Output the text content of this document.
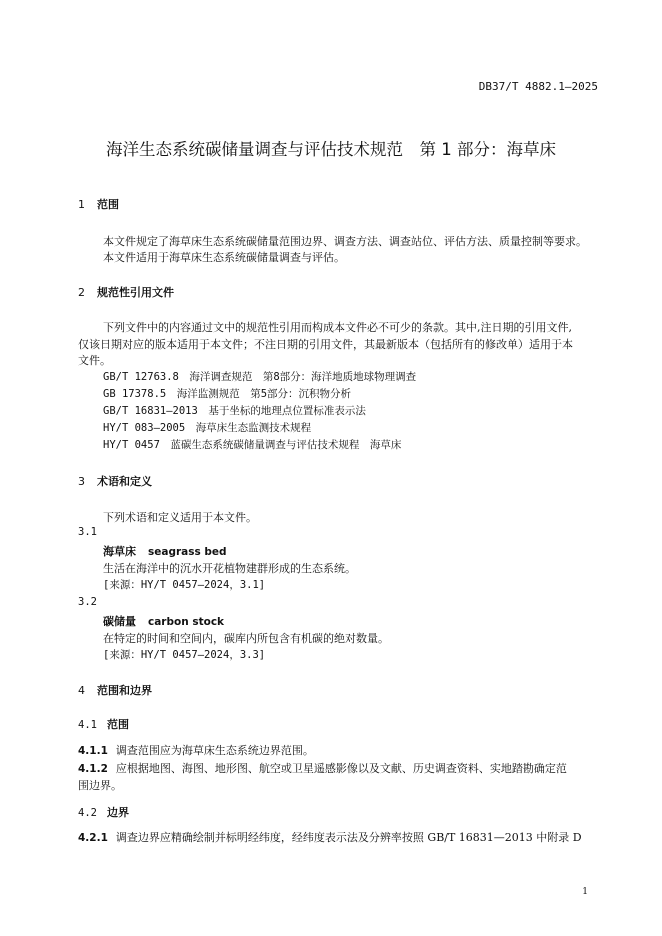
DB37/T 4882.1—2025
海洋生态系统碳储量调查与评估技术规范　第 1 部分：海草床
1 范围
本文件规定了海草床生态系统碳储量范围边界、调查方法、调查站位、评估方法、质量控制等要求。
本文件适用于海草床生态系统碳储量调查与评估。
2 规范性引用文件
下列文件中的内容通过文中的规范性引用而构成本文件必不可少的条款。其中,注日期的引用文件,
仅该日期对应的版本适用于本文件；不注日期的引用文件，其最新版本（包括所有的修改单）适用于本
文件。
GB/T 12763.8　海洋调查规范　第8部分：海洋地质地球物理调查
GB 17378.5　海洋监测规范　第5部分：沉积物分析
GB/T 16831—2013　基于坐标的地理点位置标准表示法
HY/T 083—2005　海草床生态监测技术规程
HY/T 0457　蓝碳生态系统碳储量调查与评估技术规程　海草床
3 术语和定义
下列术语和定义适用于本文件。
3.1
海草床 seagrass bed
生活在海洋中的沉水开花植物建群形成的生态系统。
[来源：HY/T 0457—2024，3.1]
3.2
碳储量 carbon stock
在特定的时间和空间内，碳库内所包含有机碳的绝对数量。
[来源：HY/T 0457—2024，3.3]
4 范围和边界
4.1 范围
4.1.1 调查范围应为海草床生态系统边界范围。
4.1.2 应根据地图、海图、地形图、航空或卫星遥感影像以及文献、历史调查资料、实地踏勘确定范
围边界。
4.2 边界
4.2.1 调查边界应精确绘制并标明经纬度，经纬度表示法及分辨率按照 GB/T 16831—2013 中附录 D
1
